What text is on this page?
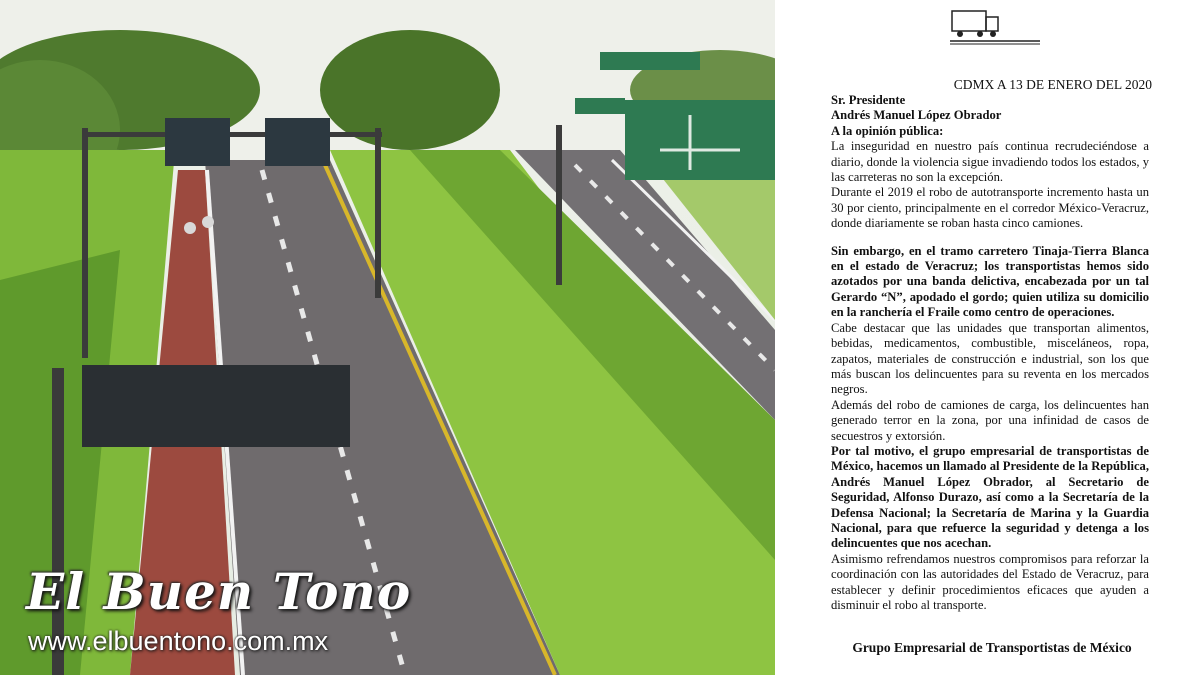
El Buen Tono
www.elbuentono.com.mx
CDMX A 13 DE ENERO DEL 2020

Sr. Presidente

Andrés Manuel López Obrador

A la opinión pública:

La inseguridad en nuestro país continua recrudeciéndose a diario, donde la violencia sigue invadiendo todos los estados, y las carreteras no son la excepción.

Durante el 2019 el robo de autotransporte incremento hasta un 30 por ciento, principalmente en el corredor México-Veracruz, donde diariamente se roban hasta cinco camiones.

Sin embargo, en el tramo carretero Tinaja-Tierra Blanca en el estado de Veracruz; los transportistas hemos sido azotados por una banda delictiva, encabezada por un tal Gerardo “N”, apodado el gordo; quien utiliza su domicilio en la ranchería el Fraile como centro de operaciones.

Cabe destacar que las unidades que transportan alimentos, bebidas, medicamentos, combustible, misceláneos, ropa, zapatos, materiales de construcción e industrial, son los que más buscan los delincuentes para su reventa en los mercados negros.

Además del robo de camiones de carga, los delincuentes han generado terror en la zona, por una infinidad de casos de secuestros y extorsión.

Por tal motivo, el grupo empresarial de transportistas de México, hacemos un llamado al Presidente de la República, Andrés Manuel López Obrador, al Secretario de Seguridad, Alfonso Durazo, así como a la Secretaría de la Defensa Nacional; la Secretaría de Marina y la Guardia Nacional, para que refuerce la seguridad y detenga a los delincuentes que nos acechan.

Asimismo refrendamos nuestros compromisos para reforzar la coordinación con las autoridades del Estado de Veracruz, para establecer y definir procedimientos eficaces que ayuden a disminuir el robo al transporte.

Grupo Empresarial de Transportistas de México
